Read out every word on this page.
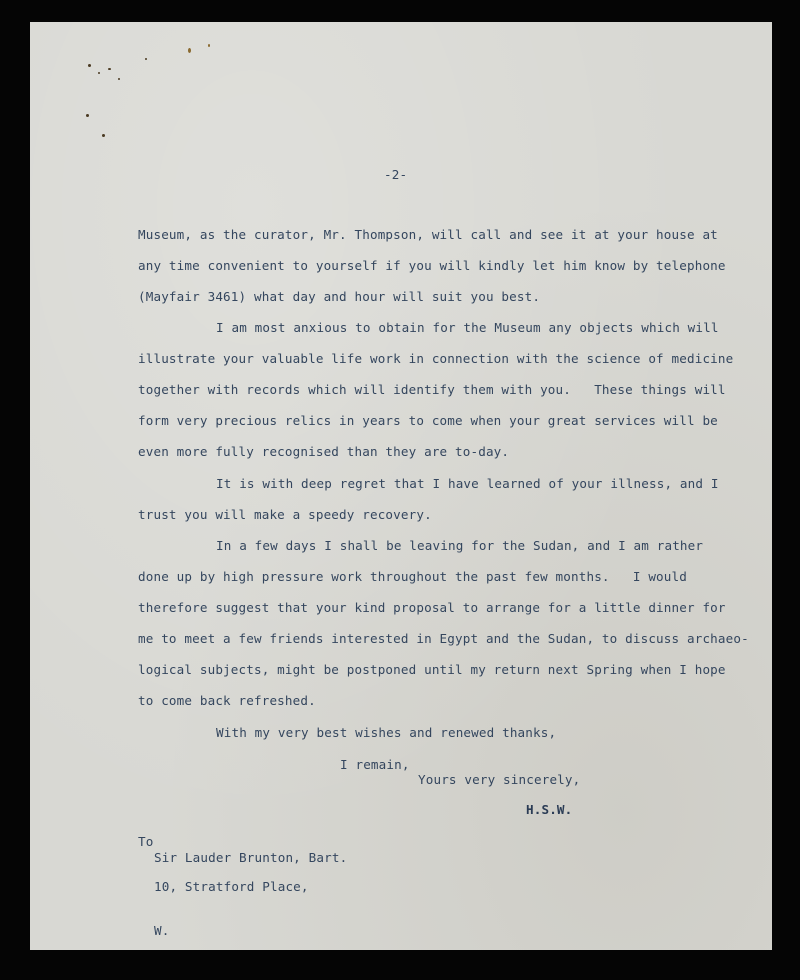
-2-
Museum, as the curator, Mr. Thompson, will call and see it at your house at
any time convenient to yourself if you will kindly let him know by telephone
(Mayfair 3461) what day and hour will suit you best.
I am most anxious to obtain for the Museum any objects which will
illustrate your valuable life work in connection with the science of medicine
together with records which will identify them with you.   These things will
form very precious relics in years to come when your great services will be
even more fully recognised than they are to-day.
It is with deep regret that I have learned of your illness, and I
trust you will make a speedy recovery.
In a few days I shall be leaving for the Sudan, and I am rather
done up by high pressure work throughout the past few months.   I would
therefore suggest that your kind proposal to arrange for a little dinner for
me to meet a few friends interested in Egypt and the Sudan, to discuss archaeo-
logical subjects, might be postponed until my return next Spring when I hope
to come back refreshed.
With my very best wishes and renewed thanks,
I remain,
Yours very sincerely,
H.S.W.
To
Sir Lauder Brunton, Bart.
10, Stratford Place,
W.
